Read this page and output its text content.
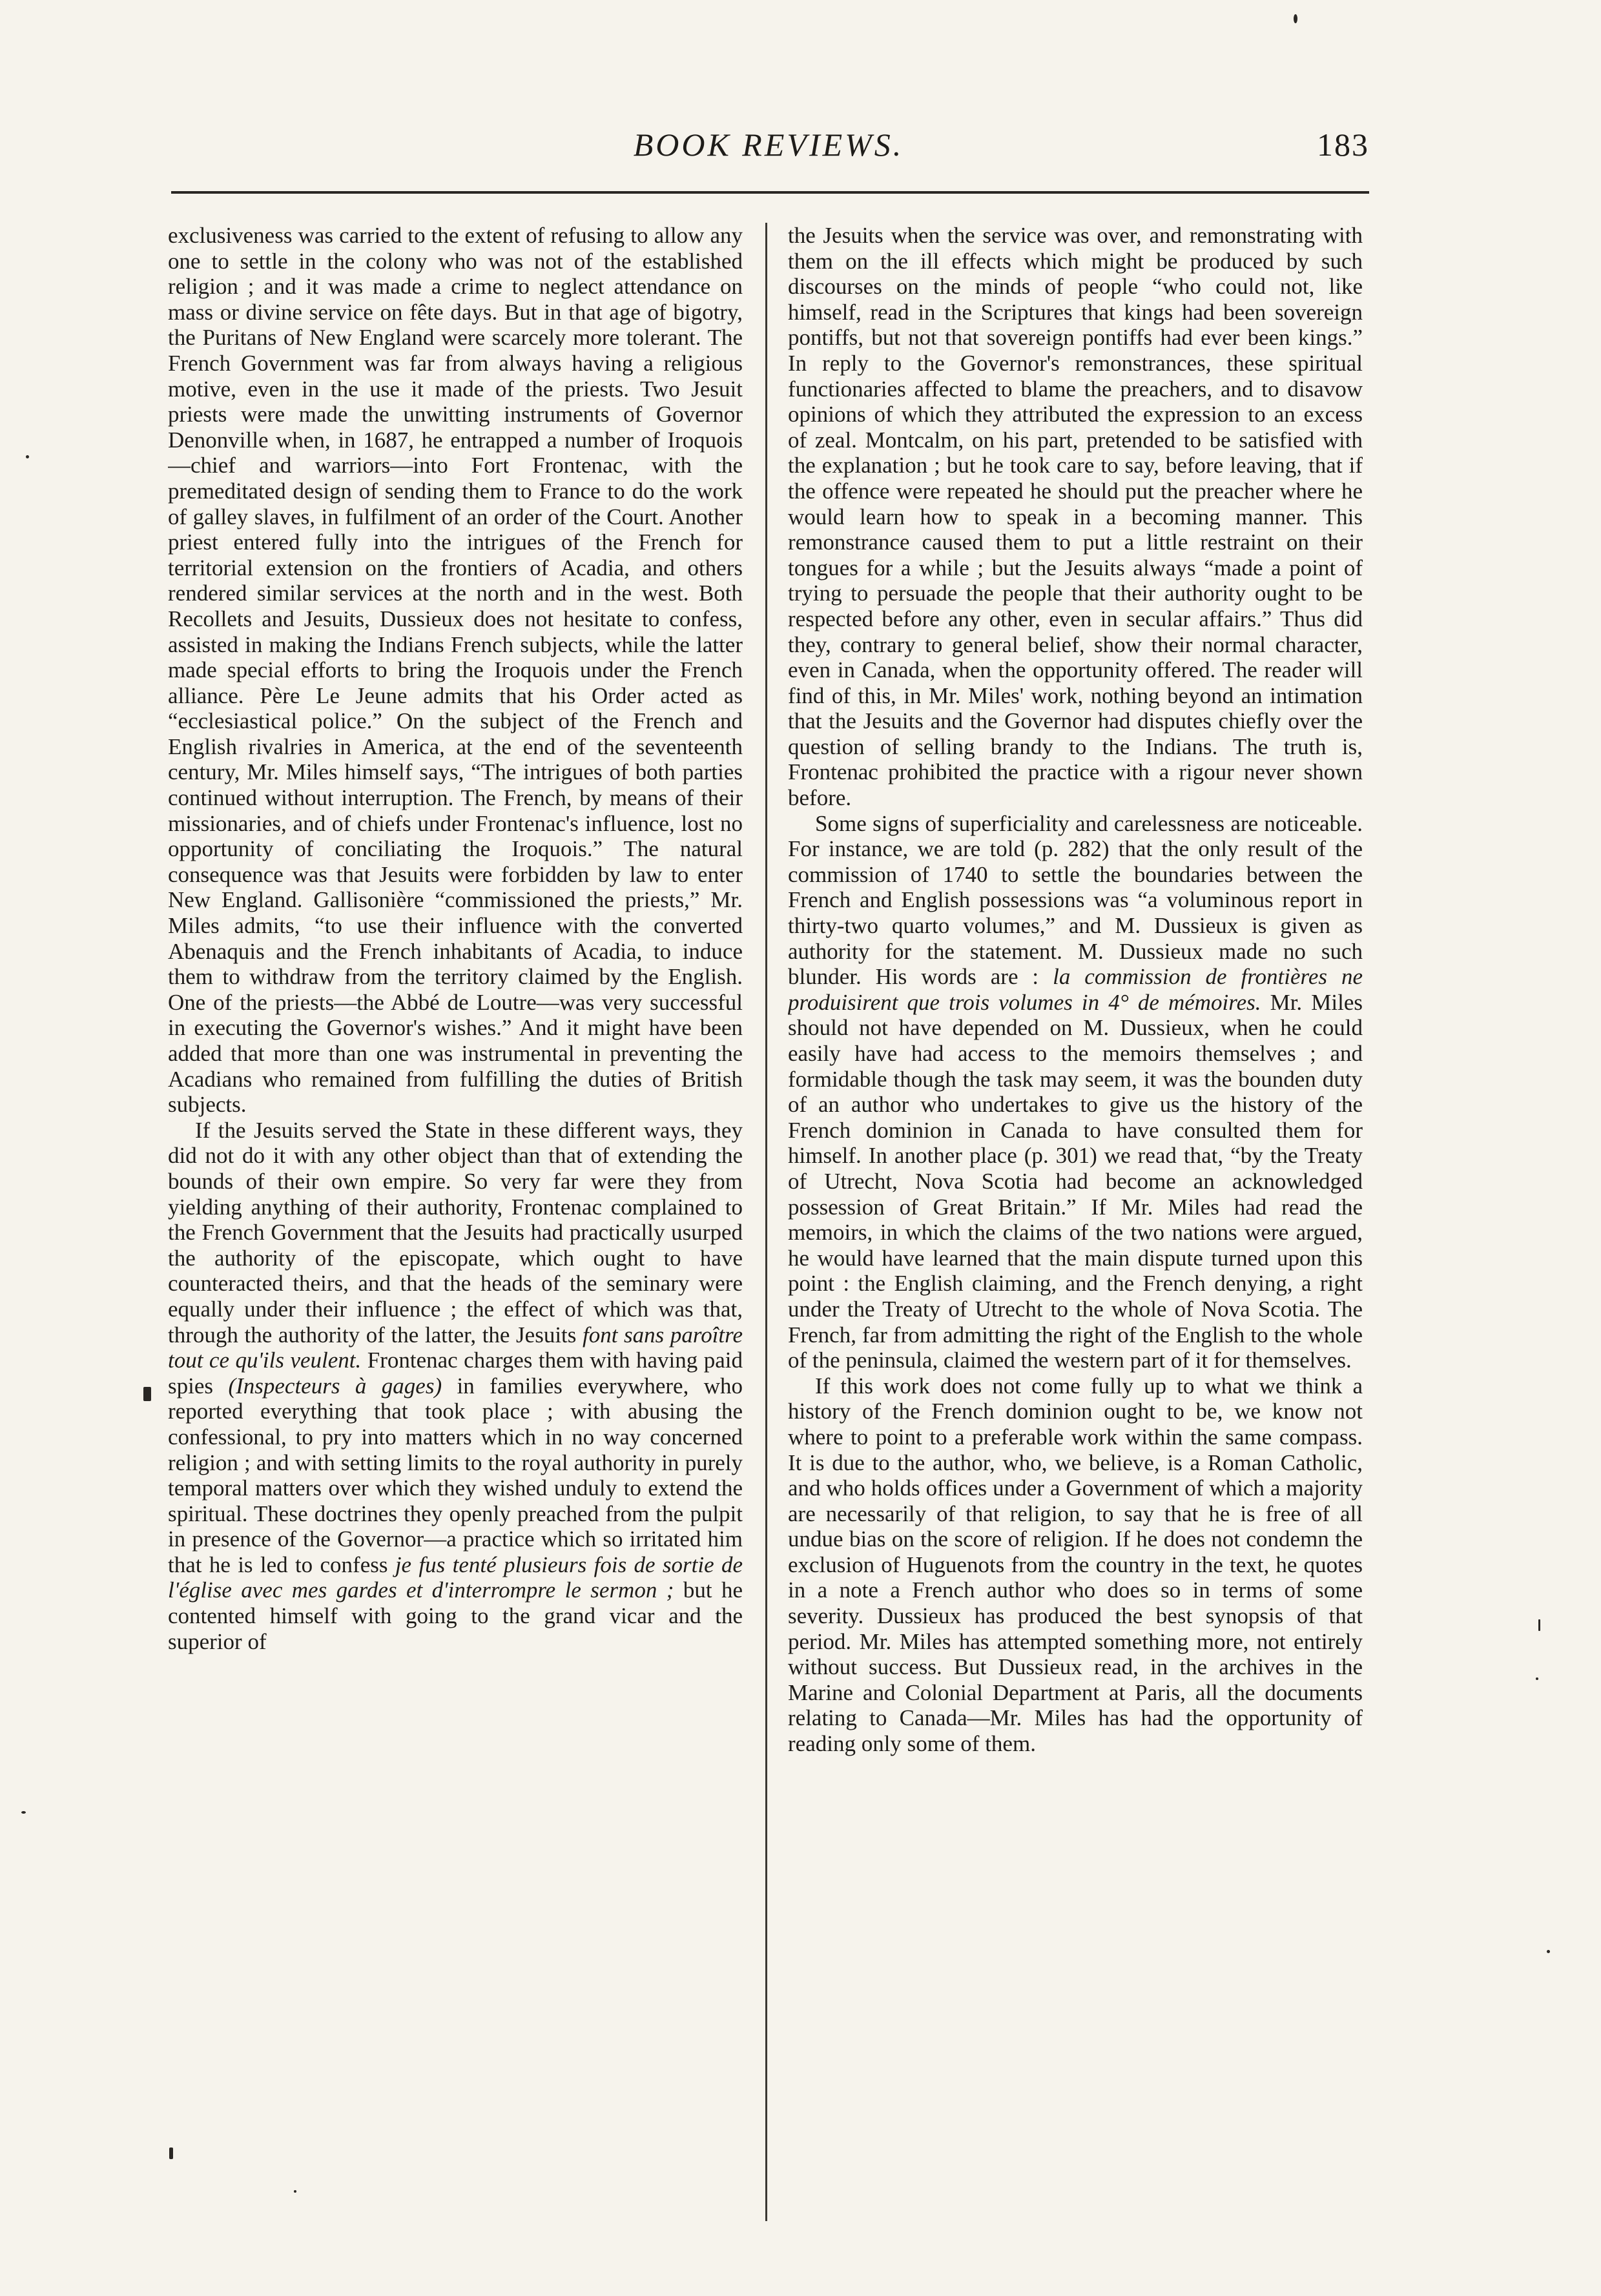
BOOK REVIEWS.	183

exclusiveness was carried to the extent of refusing to allow any one to settle in the colony who was not of the established religion ; and it was made a crime to neglect attendance on mass or divine service on fête days. But in that age of bigotry, the Puritans of New England were scarcely more tolerant. The French Government was far from always having a religious motive, even in the use it made of the priests. Two Jesuit priests were made the unwitting instruments of Governor Denonville when, in 1687, he entrapped a number of Iroquois—chief and warriors—into Fort Frontenac, with the premeditated design of sending them to France to do the work of galley slaves, in fulfilment of an order of the Court. Another priest entered fully into the intrigues of the French for territorial extension on the frontiers of Acadia, and others rendered similar services at the north and in the west. Both Recollets and Jesuits, Dussieux does not hesitate to confess, assisted in making the Indians French subjects, while the latter made special efforts to bring the Iroquois under the French alliance. Père Le Jeune admits that his Order acted as “ecclesiastical police.” On the subject of the French and English rivalries in America, at the end of the seventeenth century, Mr. Miles himself says, “The intrigues of both parties continued without interruption. The French, by means of their missionaries, and of chiefs under Frontenac's influence, lost no opportunity of conciliating the Iroquois.” The natural consequence was that Jesuits were forbidden by law to enter New England. Gallisonière “commissioned the priests,” Mr. Miles admits, “to use their influence with the converted Abenaquis and the French inhabitants of Acadia, to induce them to withdraw from the territory claimed by the English. One of the priests—the Abbé de Loutre—was very successful in executing the Governor's wishes.” And it might have been added that more than one was instrumental in preventing the Acadians who remained from fulfilling the duties of British subjects.

If the Jesuits served the State in these different ways, they did not do it with any other object than that of extending the bounds of their own empire. So very far were they from yielding anything of their authority, Frontenac complained to the French Government that the Jesuits had practically usurped the authority of the episcopate, which ought to have counteracted theirs, and that the heads of the seminary were equally under their influence ; the effect of which was that, through the authority of the latter, the Jesuits font sans paroître tout ce qu'ils veulent. Frontenac charges them with having paid spies (Inspecteurs à gages) in families everywhere, who reported everything that took place ; with abusing the confessional, to pry into matters which in no way concerned religion ; and with setting limits to the royal authority in purely temporal matters over which they wished unduly to extend the spiritual. These doctrines they openly preached from the pulpit in presence of the Governor—a practice which so irritated him that he is led to confess je fus tenté plusieurs fois de sortie de l'église avec mes gardes et d'interrompre le sermon ; but he contented himself with going to the grand vicar and the superior of

the Jesuits when the service was over, and remonstrating with them on the ill effects which might be produced by such discourses on the minds of people “who could not, like himself, read in the Scriptures that kings had been sovereign pontiffs, but not that sovereign pontiffs had ever been kings.” In reply to the Governor's remonstrances, these spiritual functionaries affected to blame the preachers, and to disavow opinions of which they attributed the expression to an excess of zeal. Montcalm, on his part, pretended to be satisfied with the explanation ; but he took care to say, before leaving, that if the offence were repeated he should put the preacher where he would learn how to speak in a becoming manner. This remonstrance caused them to put a little restraint on their tongues for a while ; but the Jesuits always “made a point of trying to persuade the people that their authority ought to be respected before any other, even in secular affairs.” Thus did they, contrary to general belief, show their normal character, even in Canada, when the opportunity offered. The reader will find of this, in Mr. Miles' work, nothing beyond an intimation that the Jesuits and the Governor had disputes chiefly over the question of selling brandy to the Indians. The truth is, Frontenac prohibited the practice with a rigour never shown before.

Some signs of superficiality and carelessness are noticeable. For instance, we are told (p. 282) that the only result of the commission of 1740 to settle the boundaries between the French and English possessions was “a voluminous report in thirty-two quarto volumes,” and M. Dussieux is given as authority for the statement. M. Dussieux made no such blunder. His words are : la commission de frontières ne produisirent que trois volumes in 4° de mémoires. Mr. Miles should not have depended on M. Dussieux, when he could easily have had access to the memoirs themselves ; and formidable though the task may seem, it was the bounden duty of an author who undertakes to give us the history of the French dominion in Canada to have consulted them for himself. In another place (p. 301) we read that, “by the Treaty of Utrecht, Nova Scotia had become an acknowledged possession of Great Britain.” If Mr. Miles had read the memoirs, in which the claims of the two nations were argued, he would have learned that the main dispute turned upon this point : the English claiming, and the French denying, a right under the Treaty of Utrecht to the whole of Nova Scotia. The French, far from admitting the right of the English to the whole of the peninsula, claimed the western part of it for themselves.

If this work does not come fully up to what we think a history of the French dominion ought to be, we know not where to point to a preferable work within the same compass. It is due to the author, who, we believe, is a Roman Catholic, and who holds offices under a Government of which a majority are necessarily of that religion, to say that he is free of all undue bias on the score of religion. If he does not condemn the exclusion of Huguenots from the country in the text, he quotes in a note a French author who does so in terms of some severity. Dussieux has produced the best synopsis of that period. Mr. Miles has attempted something more, not entirely without success. But Dussieux read, in the archives in the Marine and Colonial Department at Paris, all the documents relating to Canada—Mr. Miles has had the opportunity of reading only some of them.
